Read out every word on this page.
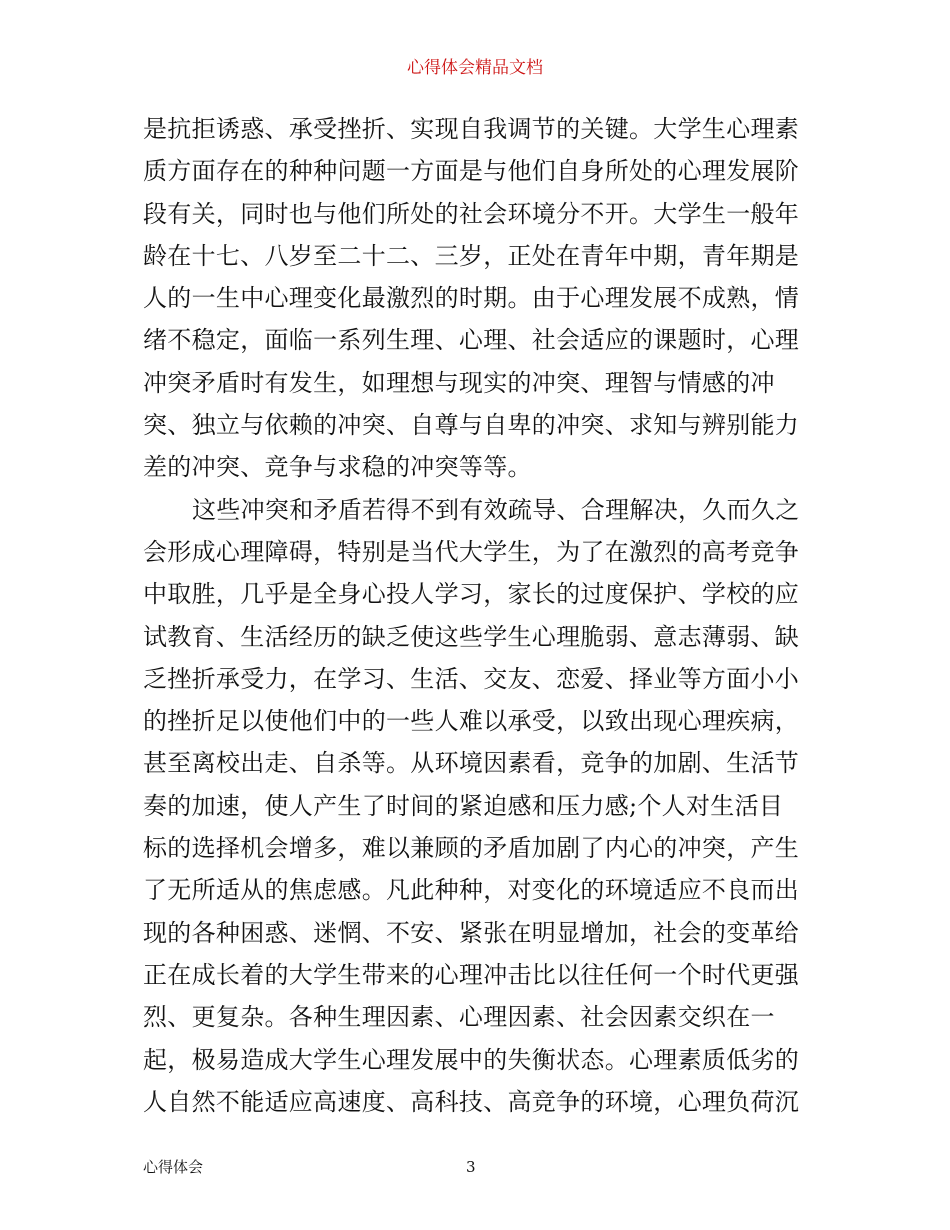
心得体会精品文档
是抗拒诱惑、承受挫折、实现自我调节的关键。大学生心理素
质方面存在的种种问题一方面是与他们自身所处的心理发展阶
段有关，同时也与他们所处的社会环境分不开。大学生一般年
龄在十七、八岁至二十二、三岁，正处在青年中期，青年期是
人的一生中心理变化最激烈的时期。由于心理发展不成熟，情
绪不稳定，面临一系列生理、心理、社会适应的课题时，心理
冲突矛盾时有发生，如理想与现实的冲突、理智与情感的冲
突、独立与依赖的冲突、自尊与自卑的冲突、求知与辨别能力
差的冲突、竞争与求稳的冲突等等。
这些冲突和矛盾若得不到有效疏导、合理解决，久而久之
会形成心理障碍，特别是当代大学生，为了在激烈的高考竞争
中取胜，几乎是全身心投人学习，家长的过度保护、学校的应
试教育、生活经历的缺乏使这些学生心理脆弱、意志薄弱、缺
乏挫折承受力，在学习、生活、交友、恋爱、择业等方面小小
的挫折足以使他们中的一些人难以承受，以致出现心理疾病，
甚至离校出走、自杀等。从环境因素看，竞争的加剧、生活节
奏的加速，使人产生了时间的紧迫感和压力感;个人对生活目
标的选择机会增多，难以兼顾的矛盾加剧了内心的冲突，产生
了无所适从的焦虑感。凡此种种，对变化的环境适应不良而出
现的各种困惑、迷惘、不安、紧张在明显增加，社会的变革给
正在成长着的大学生带来的心理冲击比以往任何一个时代更强
烈、更复杂。各种生理因素、心理因素、社会因素交织在一
起，极易造成大学生心理发展中的失衡状态。心理素质低劣的
人自然不能适应高速度、高科技、高竞争的环境，心理负荷沉
心得体会	3
